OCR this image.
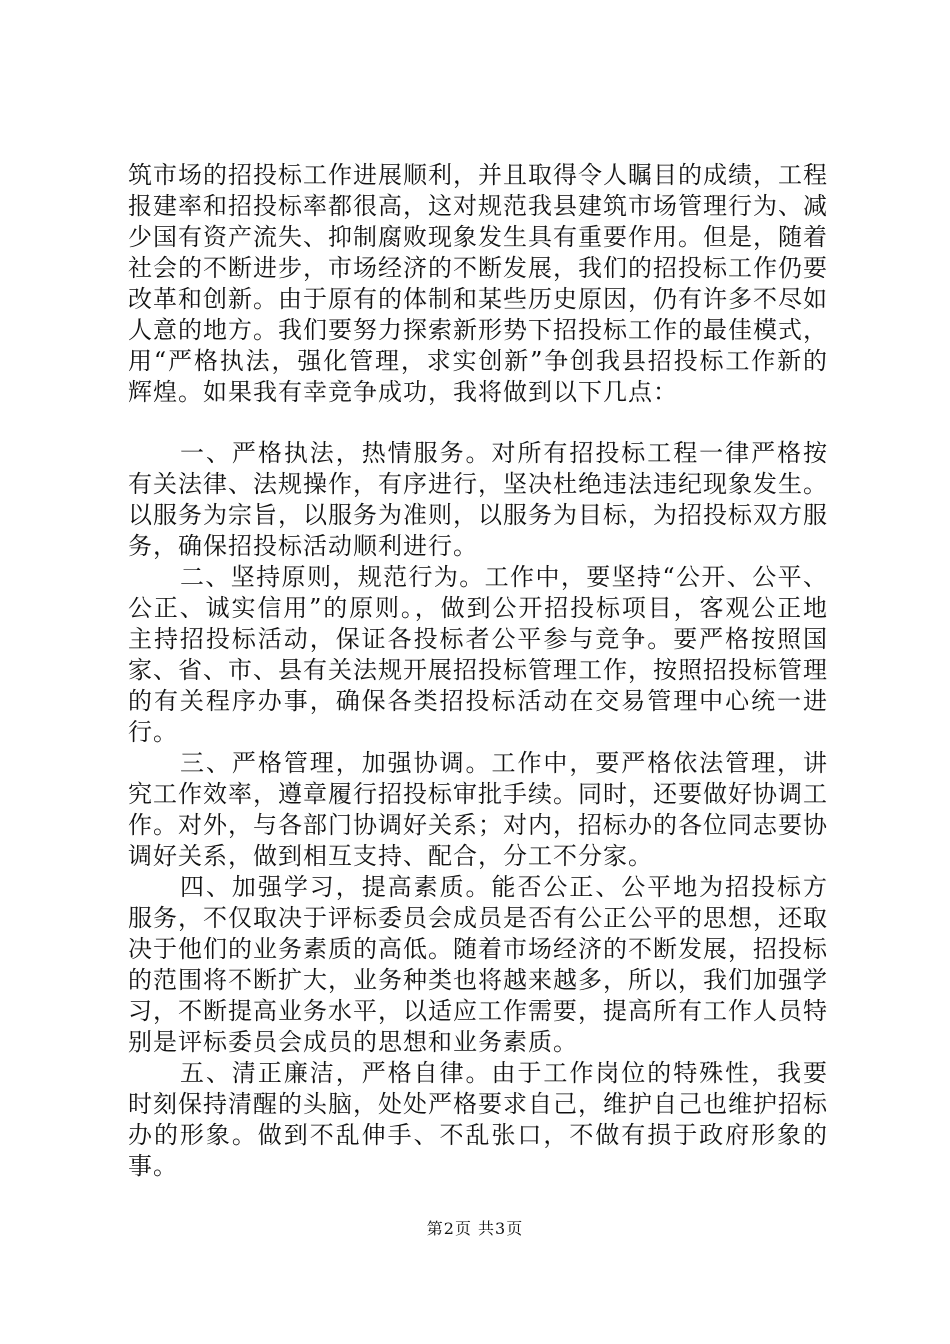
筑市场的招投标工作进展顺利，并且取得令人瞩目的成绩，工程报建率和招投标率都很高，这对规范我县建筑市场管理行为、减少国有资产流失、抑制腐败现象发生具有重要作用。但是，随着社会的不断进步，市场经济的不断发展，我们的招投标工作仍要改革和创新。由于原有的体制和某些历史原因，仍有许多不尽如人意的地方。我们要努力探索新形势下招投标工作的最佳模式，用“严格执法，强化管理，求实创新”争创我县招投标工作新的辉煌。如果我有幸竞争成功，我将做到以下几点：

一、严格执法，热情服务。对所有招投标工程一律严格按有关法律、法规操作，有序进行，坚决杜绝违法违纪现象发生。以服务为宗旨，以服务为准则，以服务为目标，为招投标双方服务，确保招投标活动顺利进行。

二、坚持原则，规范行为。工作中，要坚持“公开、公平、公正、诚实信用”的原则。，做到公开招投标项目，客观公正地主持招投标活动，保证各投标者公平参与竞争。要严格按照国家、省、市、县有关法规开展招投标管理工作，按照招投标管理的有关程序办事，确保各类招投标活动在交易管理中心统一进行。

三、严格管理，加强协调。工作中，要严格依法管理，讲究工作效率，遵章履行招投标审批手续。同时，还要做好协调工作。对外，与各部门协调好关系；对内，招标办的各位同志要协调好关系，做到相互支持、配合，分工不分家。

四、加强学习，提高素质。能否公正、公平地为招投标方服务，不仅取决于评标委员会成员是否有公正公平的思想，还取决于他们的业务素质的高低。随着市场经济的不断发展，招投标的范围将不断扩大，业务种类也将越来越多，所以，我们加强学习，不断提高业务水平，以适应工作需要，提高所有工作人员特别是评标委员会成员的思想和业务素质。

五、清正廉洁，严格自律。由于工作岗位的特殊性，我要时刻保持清醒的头脑，处处严格要求自己，维护自己也维护招标办的形象。做到不乱伸手、不乱张口，不做有损于政府形象的事。

第2页 共3页
